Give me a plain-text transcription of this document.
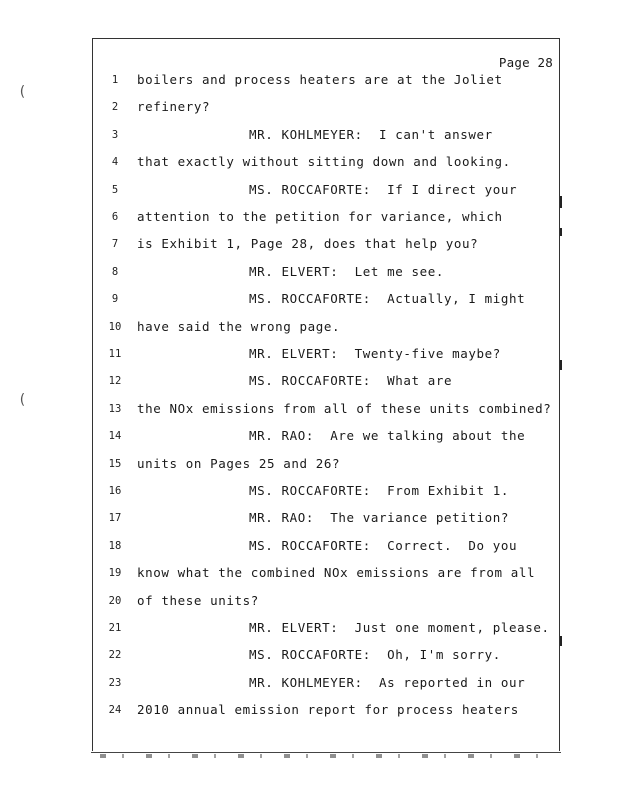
(
(
Page 28
1	boilers and process heaters are at the Joliet
2	refinery?
3	MR. KOHLMEYER:  I can't answer
4	that exactly without sitting down and looking.
5	MS. ROCCAFORTE:  If I direct your
6	attention to the petition for variance, which
7	is Exhibit 1, Page 28, does that help you?
8	MR. ELVERT:  Let me see.
9	MS. ROCCAFORTE:  Actually, I might
10	have said the wrong page.
11	MR. ELVERT:  Twenty-five maybe?
12	MS. ROCCAFORTE:  What are
13	the NOx emissions from all of these units combined?
14	MR. RAO:  Are we talking about the
15	units on Pages 25 and 26?
16	MS. ROCCAFORTE:  From Exhibit 1.
17	MR. RAO:  The variance petition?
18	MS. ROCCAFORTE:  Correct.  Do you
19	know what the combined NOx emissions are from all
20	of these units?
21	MR. ELVERT:  Just one moment, please.
22	MS. ROCCAFORTE:  Oh, I'm sorry.
23	MR. KOHLMEYER:  As reported in our
24	2010 annual emission report for process heaters
